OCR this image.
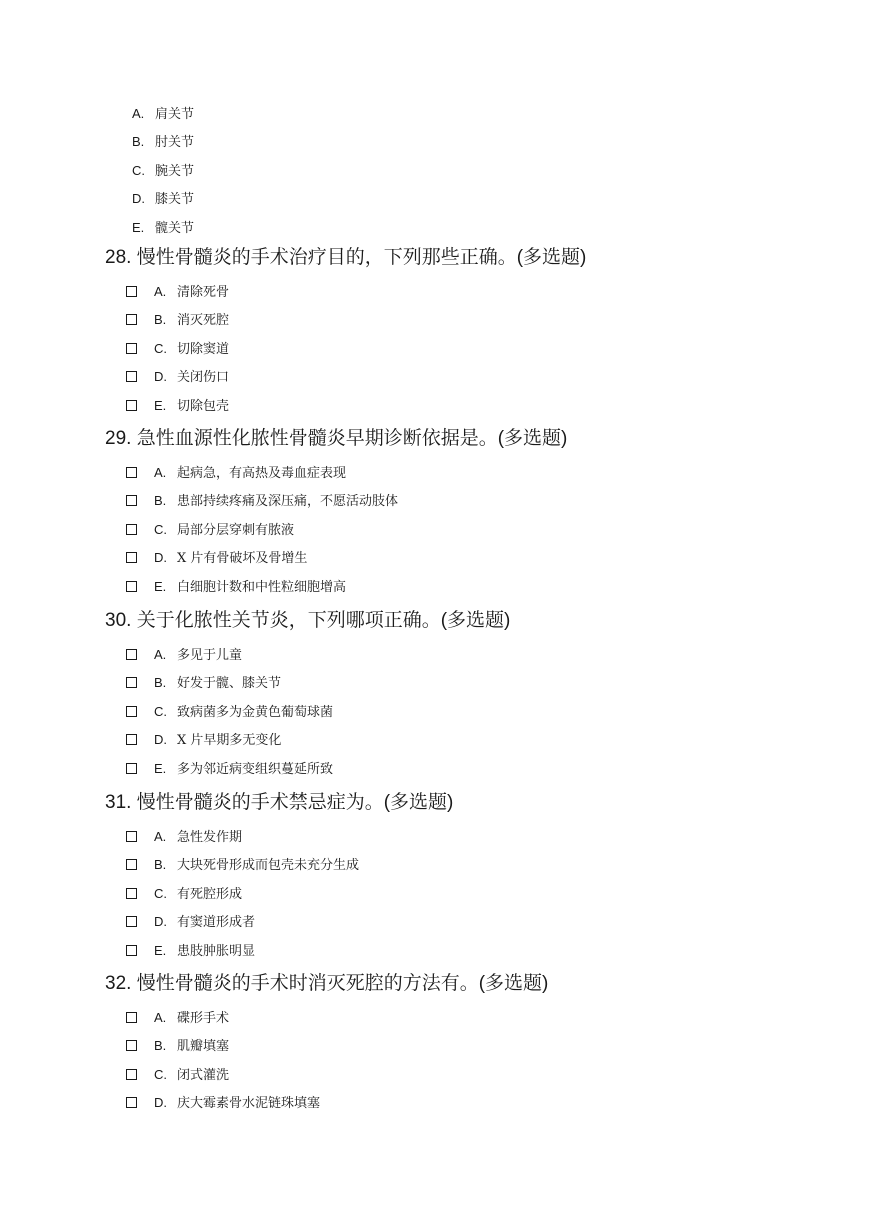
A. 肩关节
B. 肘关节
C. 腕关节
D. 膝关节
E. 髋关节
28. 慢性骨髓炎的手术治疗目的，下列那些正确。(多选题)
A. 清除死骨
B. 消灭死腔
C. 切除窦道
D. 关闭伤口
E. 切除包壳
29. 急性血源性化脓性骨髓炎早期诊断依据是。(多选题)
A. 起病急，有高热及毒血症表现
B. 患部持续疼痛及深压痛，不愿活动肢体
C. 局部分层穿刺有脓液
D. X 片有骨破坏及骨增生
E. 白细胞计数和中性粒细胞增高
30. 关于化脓性关节炎，下列哪项正确。(多选题)
A. 多见于儿童
B. 好发于髋、膝关节
C. 致病菌多为金黄色葡萄球菌
D. X 片早期多无变化
E. 多为邻近病变组织蔓延所致
31. 慢性骨髓炎的手术禁忌症为。(多选题)
A. 急性发作期
B. 大块死骨形成而包壳未充分生成
C. 有死腔形成
D. 有窦道形成者
E. 患肢肿胀明显
32. 慢性骨髓炎的手术时消灭死腔的方法有。(多选题)
A. 碟形手术
B. 肌瓣填塞
C. 闭式灌洗
D. 庆大霉素骨水泥链珠填塞
